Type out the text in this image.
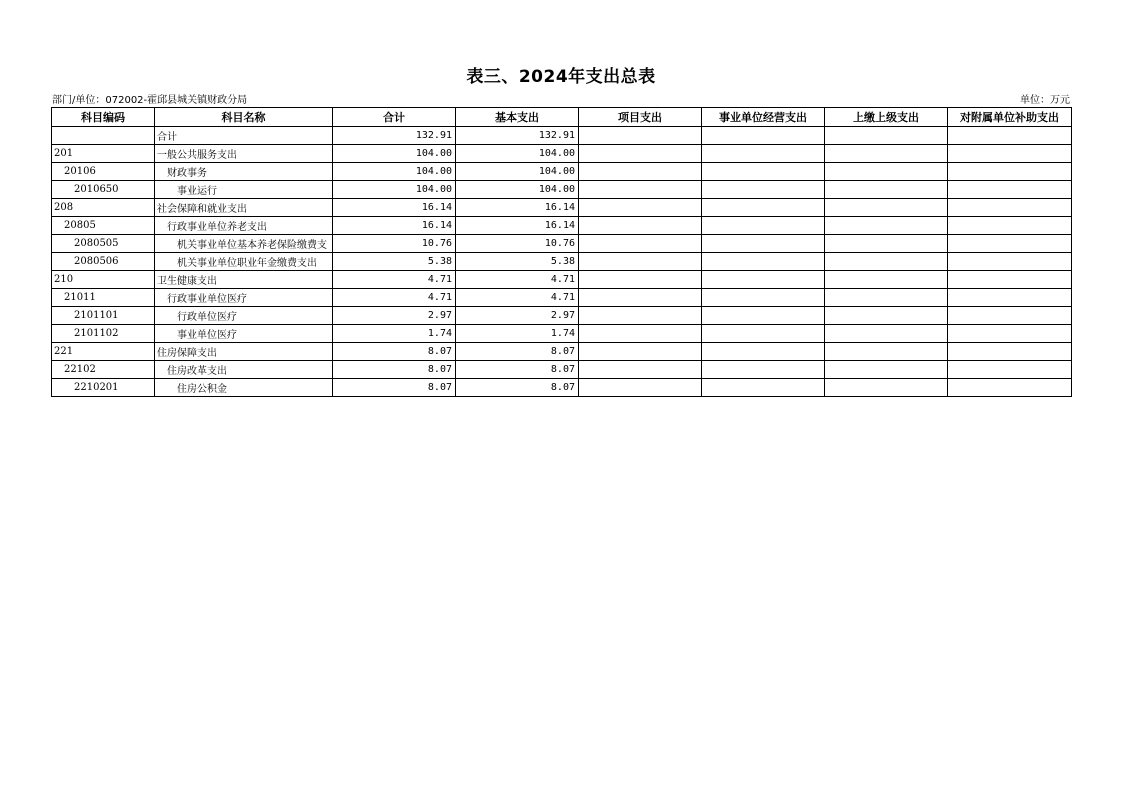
表三、2024年支出总表
部门/单位：072002-霍邱县城关镇财政分局	单位：万元
科目编码	科目名称	合计	基本支出	项目支出	事业单位经营支出	上缴上级支出	对附属单位补助支出
	合计	132.91	132.91				
201	一般公共服务支出	104.00	104.00				
20106	财政事务	104.00	104.00				
2010650	事业运行	104.00	104.00				
208	社会保障和就业支出	16.14	16.14				
20805	行政事业单位养老支出	16.14	16.14				
2080505	机关事业单位基本养老保险缴费支	10.76	10.76				
2080506	机关事业单位职业年金缴费支出	5.38	5.38				
210	卫生健康支出	4.71	4.71				
21011	行政事业单位医疗	4.71	4.71				
2101101	行政单位医疗	2.97	2.97				
2101102	事业单位医疗	1.74	1.74				
221	住房保障支出	8.07	8.07				
22102	住房改革支出	8.07	8.07				
2210201	住房公积金	8.07	8.07				
